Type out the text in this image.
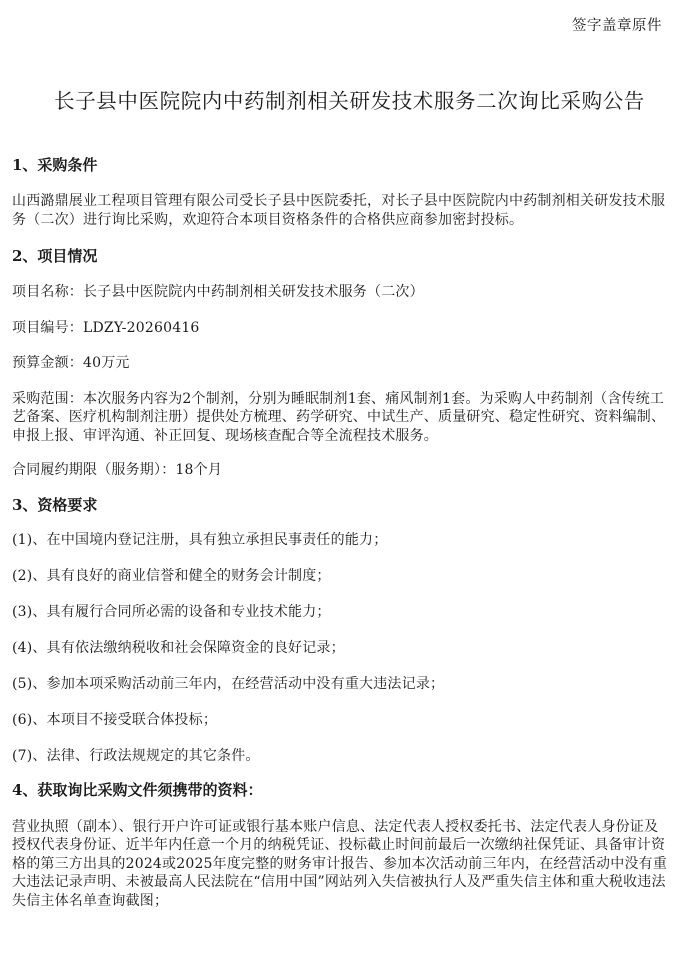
签字盖章原件
长子县中医院院内中药制剂相关研发技术服务二次询比采购公告
1、采购条件

山西潞鼎展业工程项目管理有限公司受长子县中医院委托，对长子县中医院院内中药制剂相关研发技术服务（二次）进行询比采购，欢迎符合本项目资格条件的合格供应商参加密封投标。

2、项目情况

项目名称：长子县中医院院内中药制剂相关研发技术服务（二次）

项目编号：LDZY-20260416

预算金额：40万元

采购范围：本次服务内容为2个制剂，分别为睡眠制剂1套、痛风制剂1套。为采购人中药制剂（含传统工艺备案、医疗机构制剂注册）提供处方梳理、药学研究、中试生产、质量研究、稳定性研究、资料编制、申报上报、审评沟通、补正回复、现场核查配合等全流程技术服务。

合同履约期限（服务期）：18个月

3、资格要求

(1)、在中国境内登记注册，具有独立承担民事责任的能力；

(2)、具有良好的商业信誉和健全的财务会计制度；

(3)、具有履行合同所必需的设备和专业技术能力；

(4)、具有依法缴纳税收和社会保障资金的良好记录；

(5)、参加本项采购活动前三年内，在经营活动中没有重大违法记录；

(6)、本项目不接受联合体投标；

(7)、法律、行政法规规定的其它条件。

4、获取询比采购文件须携带的资料：

营业执照（副本）、银行开户许可证或银行基本账户信息、法定代表人授权委托书、法定代表人身份证及授权代表身份证、近半年内任意一个月的纳税凭证、投标截止时间前最后一次缴纳社保凭证、具备审计资格的第三方出具的2024或2025年度完整的财务审计报告、参加本次活动前三年内，在经营活动中没有重大违法记录声明、未被最高人民法院在“信用中国”网站列入失信被执行人及严重失信主体和重大税收违法失信主体名单查询截图；
